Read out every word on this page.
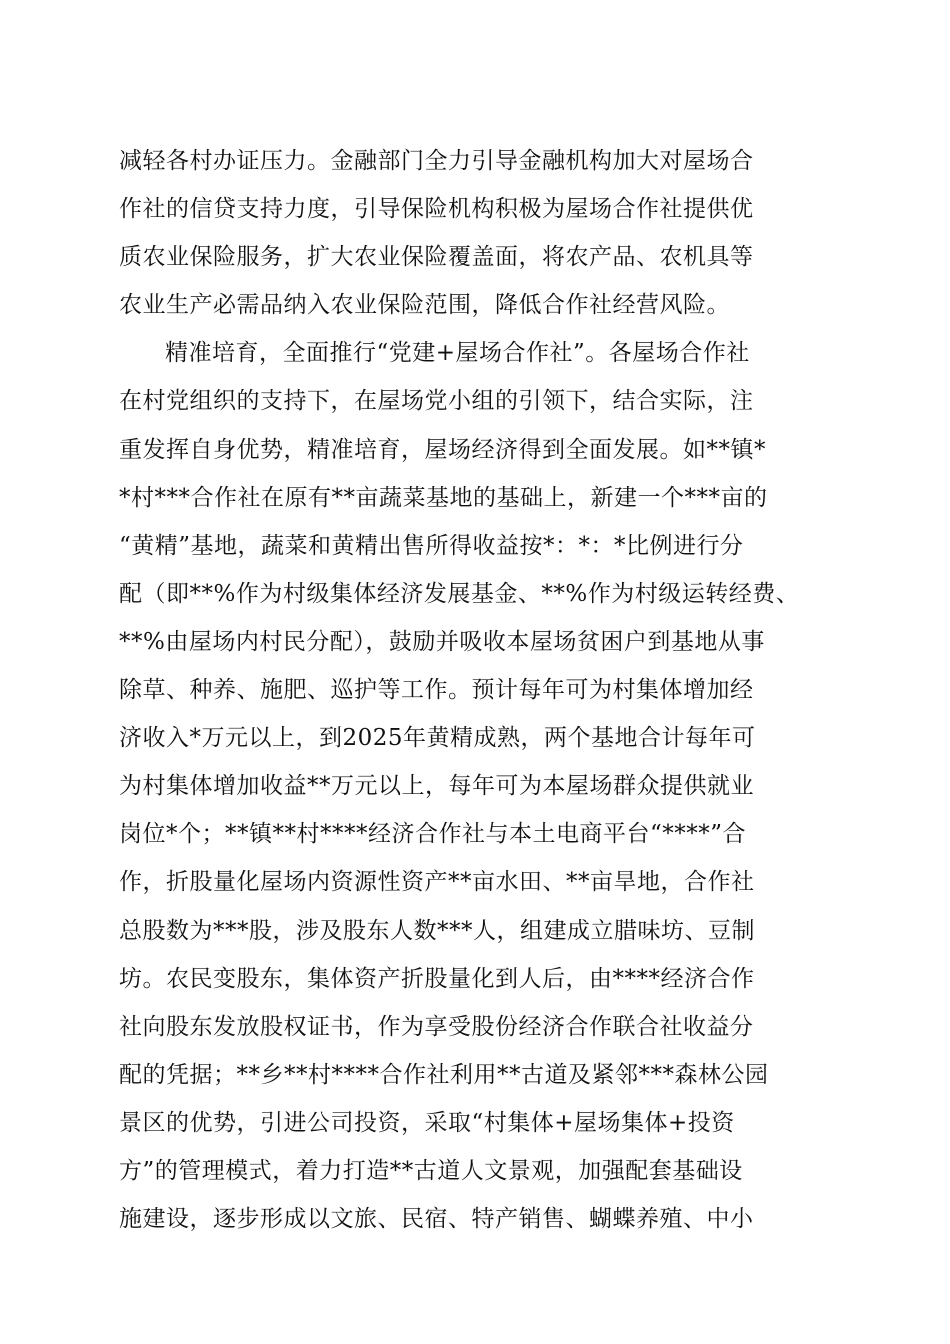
减轻各村办证压力。金融部门全力引导金融机构加大对屋场合
作社的信贷支持力度，引导保险机构积极为屋场合作社提供优
质农业保险服务，扩大农业保险覆盖面，将农产品、农机具等
农业生产必需品纳入农业保险范围，降低合作社经营风险。
精准培育，全面推行“党建+屋场合作社”。各屋场合作社
在村党组织的支持下，在屋场党小组的引领下，结合实际，注
重发挥自身优势，精准培育，屋场经济得到全面发展。如**镇*
*村***合作社在原有**亩蔬菜基地的基础上，新建一个***亩的
“黄精”基地，蔬菜和黄精出售所得收益按*：*：*比例进行分
配（即**%作为村级集体经济发展基金、**%作为村级运转经费、
**%由屋场内村民分配），鼓励并吸收本屋场贫困户到基地从事
除草、种养、施肥、巡护等工作。预计每年可为村集体增加经
济收入*万元以上，到2025年黄精成熟，两个基地合计每年可
为村集体增加收益**万元以上，每年可为本屋场群众提供就业
岗位*个；**镇**村****经济合作社与本土电商平台“****”合
作，折股量化屋场内资源性资产**亩水田、**亩旱地，合作社
总股数为***股，涉及股东人数***人，组建成立腊味坊、豆制
坊。农民变股东，集体资产折股量化到人后，由****经济合作
社向股东发放股权证书，作为享受股份经济合作联合社收益分
配的凭据；**乡**村****合作社利用**古道及紧邻***森林公园
景区的优势，引进公司投资，采取“村集体+屋场集体+投资
方”的管理模式，着力打造**古道人文景观，加强配套基础设
施建设，逐步形成以文旅、民宿、特产销售、蝴蝶养殖、中小
